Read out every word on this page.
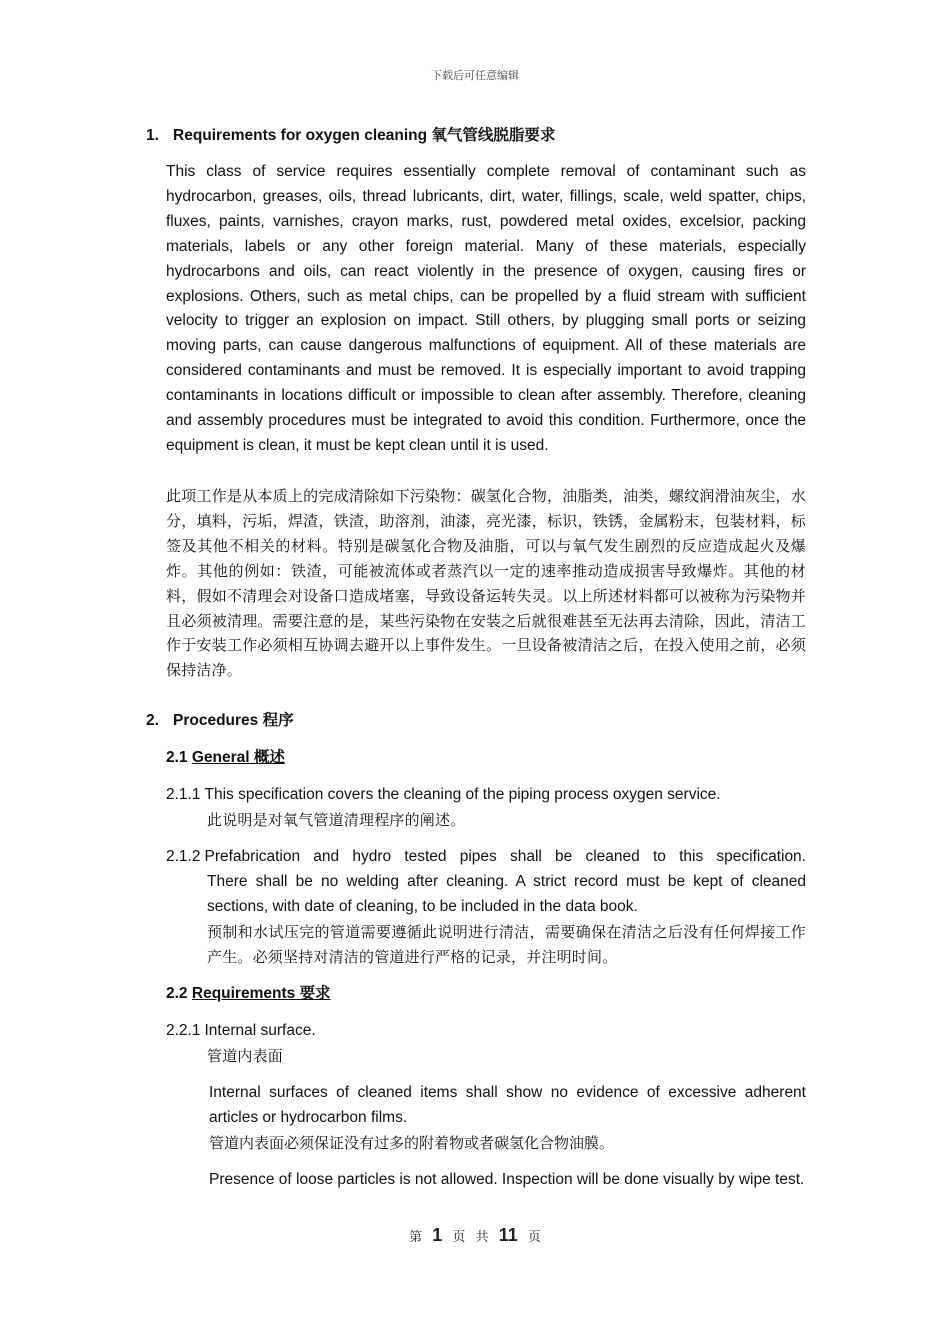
下载后可任意编辑
1. Requirements for oxygen cleaning 氧气管线脱脂要求
This class of service requires essentially complete removal of contaminant such as hydrocarbon, greases, oils, thread lubricants, dirt, water, fillings, scale, weld spatter, chips, fluxes, paints, varnishes, crayon marks, rust, powdered metal oxides, excelsior, packing materials, labels or any other foreign material. Many of these materials, especially hydrocarbons and oils, can react violently in the presence of oxygen, causing fires or explosions. Others, such as metal chips, can be propelled by a fluid stream with sufficient velocity to trigger an explosion on impact. Still others, by plugging small ports or seizing moving parts, can cause dangerous malfunctions of equipment. All of these materials are considered contaminants and must be removed. It is especially important to avoid trapping contaminants in locations difficult or impossible to clean after assembly. Therefore, cleaning and assembly procedures must be integrated to avoid this condition. Furthermore, once the equipment is clean, it must be kept clean until it is used.
此项工作是从本质上的完成清除如下污染物：碳氢化合物，油脂类，油类，螺纹润滑油灰尘，水分，填料，污垢，焊渣，铁渣，助溶剂，油漆，亮光漆，标识，铁锈，金属粉末，包装材料，标签及其他不相关的材料。特别是碳氢化合物及油脂，可以与氧气发生剧烈的反应造成起火及爆炸。其他的例如：铁渣，可能被流体或者蒸汽以一定的速率推动造成损害导致爆炸。其他的材料，假如不清理会对设备口造成堵塞，导致设备运转失灵。以上所述材料都可以被称为污染物并且必须被清理。需要注意的是，某些污染物在安装之后就很难甚至无法再去清除，因此，清洁工作于安装工作必须相互协调去避开以上事件发生。一旦设备被清洁之后，在投入使用之前，必须保持洁净。
2. Procedures 程序
2.1 General 概述
2.1.1 This specification covers the cleaning of the piping process oxygen service.
此说明是对氧气管道清理程序的阐述。
2.1.2 Prefabrication and hydro tested pipes shall be cleaned to this specification.
There shall be no welding after cleaning. A strict record must be kept of cleaned sections, with date of cleaning, to be included in the data book.
预制和水试压完的管道需要遵循此说明进行清洁，需要确保在清洁之后没有任何焊接工作产生。必须坚持对清洁的管道进行严格的记录，并注明时间。
2.2 Requirements 要求
2.2.1 Internal surface.
管道内表面
Internal surfaces of cleaned items shall show no evidence of excessive adherent articles or hydrocarbon films.
管道内表面必须保证没有过多的附着物或者碳氢化合物油膜。
Presence of loose particles is not allowed. Inspection will be done visually by wipe test.
第 1 页 共 11 页
